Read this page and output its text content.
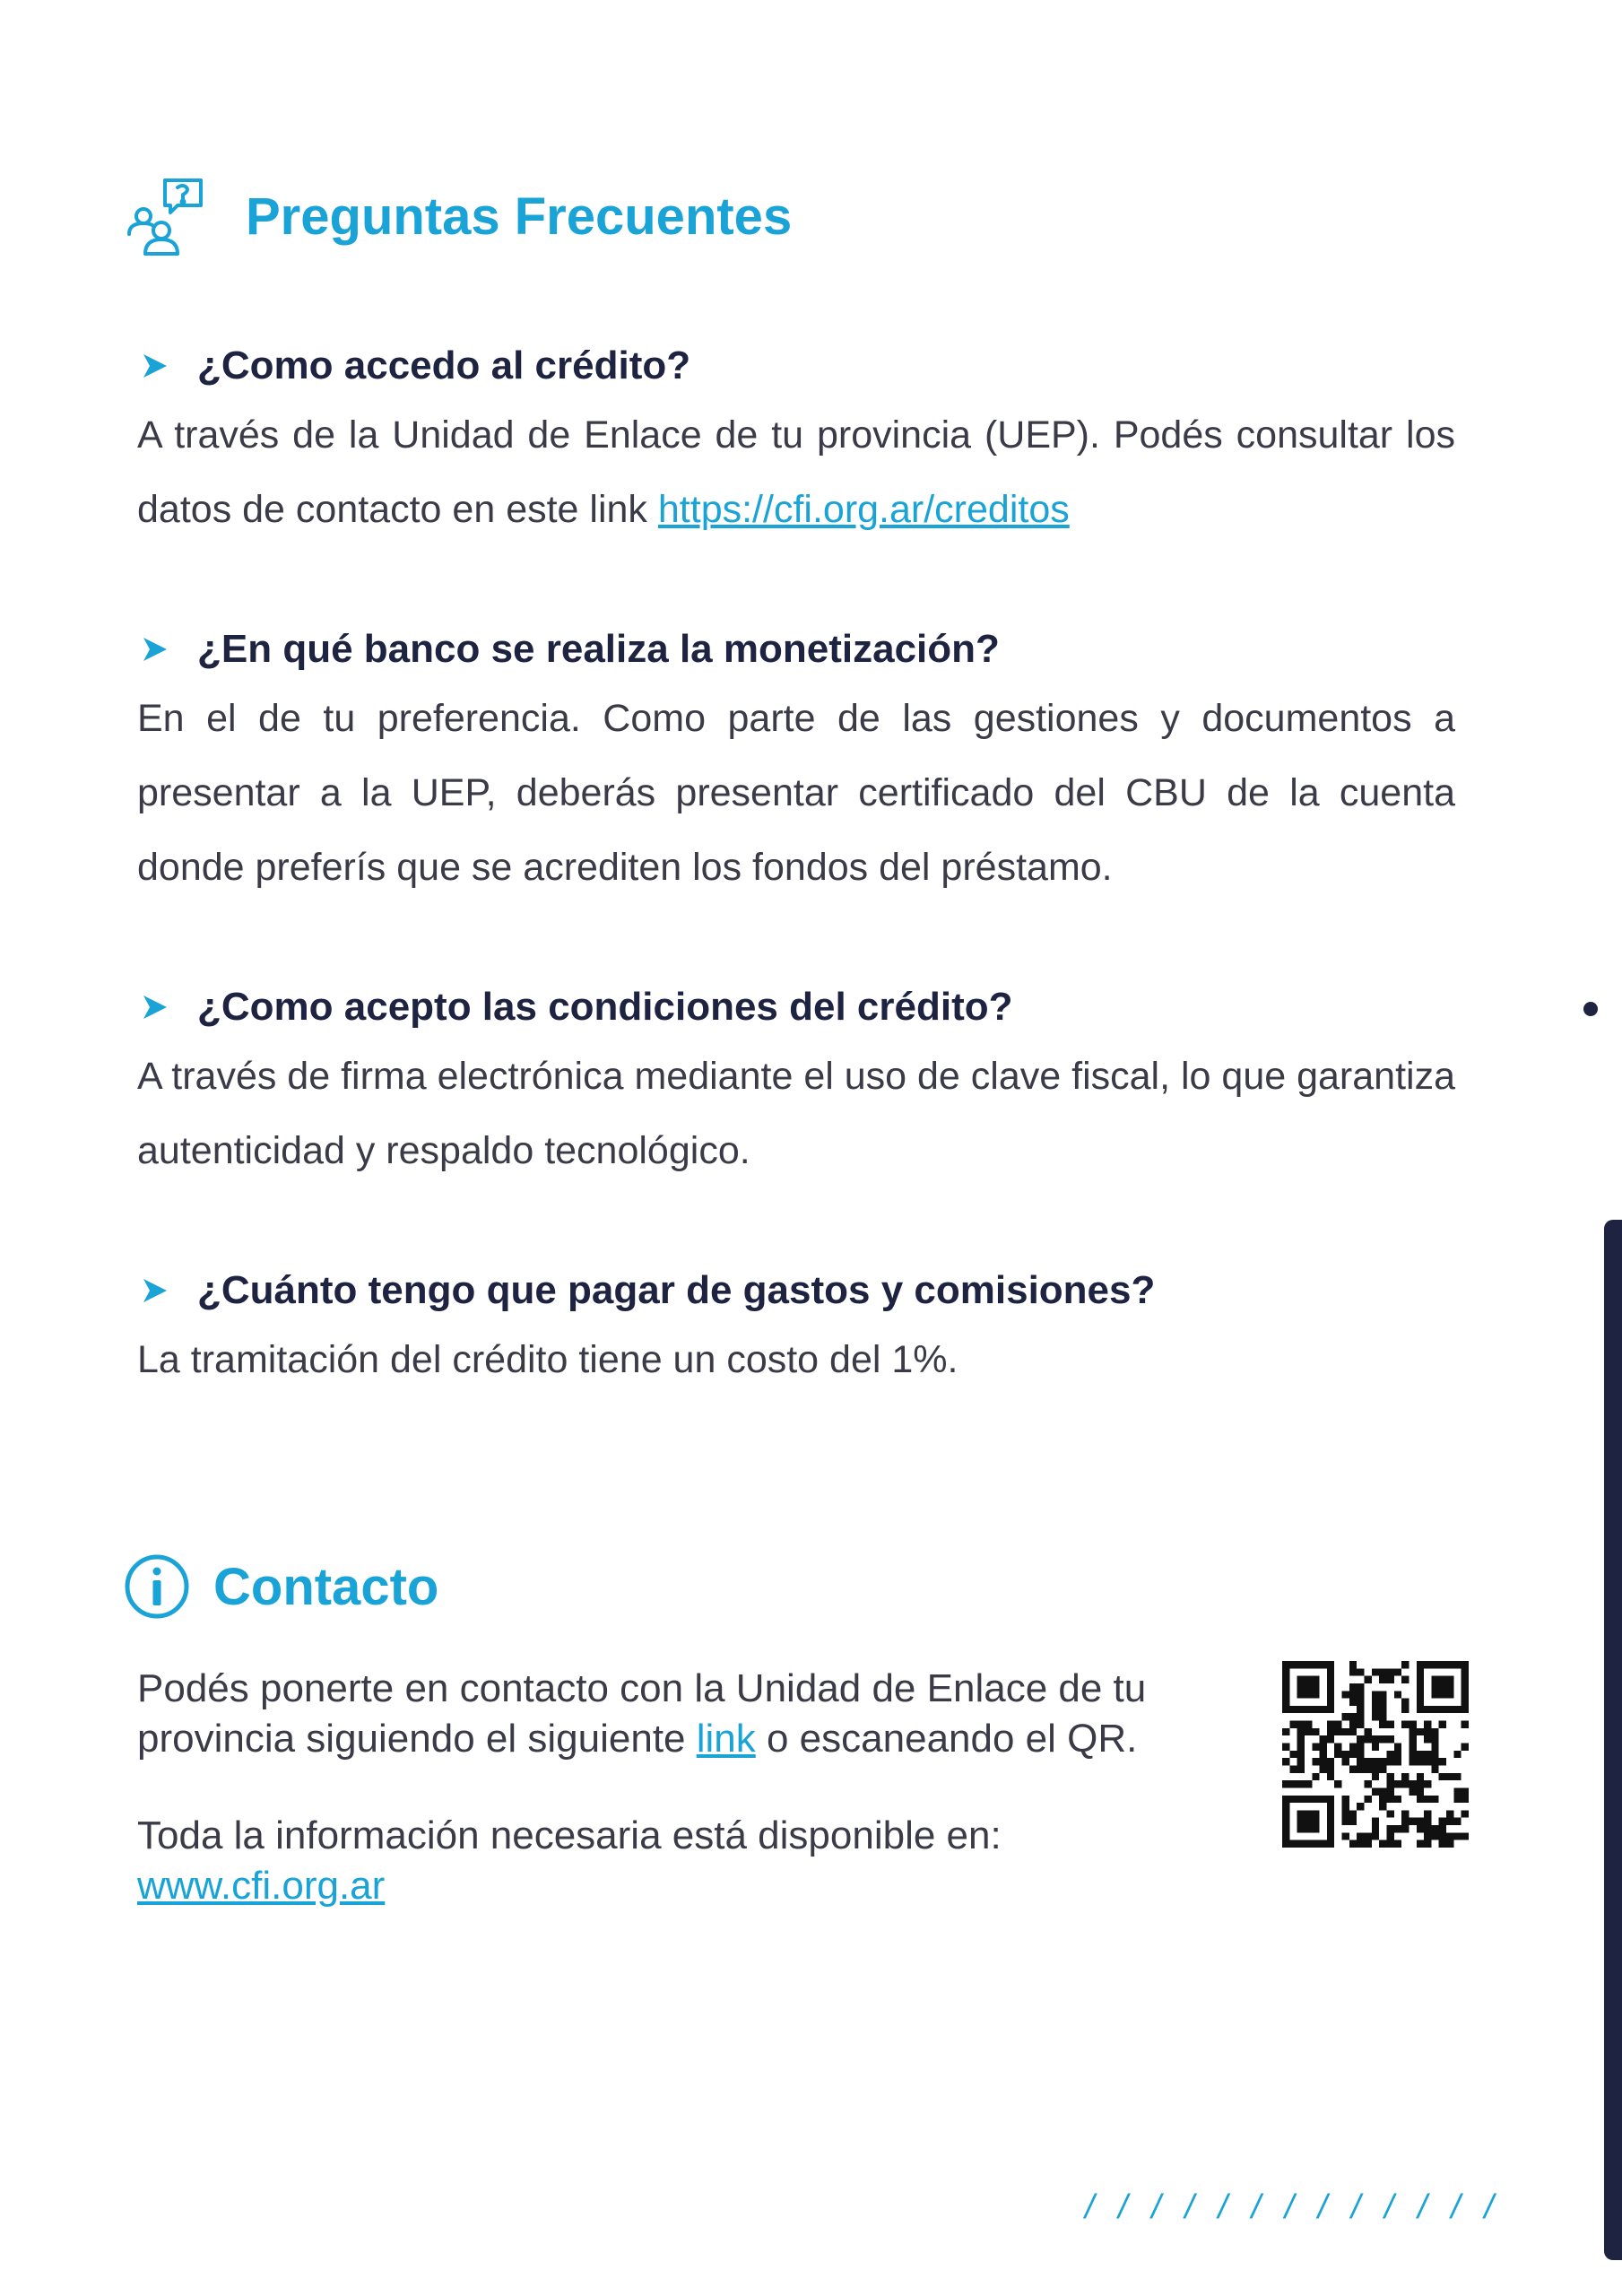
Preguntas Frecuentes
¿Como accedo al crédito?

A través de la Unidad de Enlace de tu provincia (UEP). Podés consultar los datos de contacto en este link https://cfi.org.ar/creditos

¿En qué banco se realiza la monetización?

En el de tu preferencia. Como parte de las gestiones y documentos a presentar a la UEP, deberás presentar certificado del CBU de la cuenta donde preferís que se acrediten los fondos del préstamo.

¿Como acepto las condiciones del crédito?

A través de firma electrónica mediante el uso de clave fiscal, lo que garantiza autenticidad y respaldo tecnológico.

¿Cuánto tengo que pagar de gastos y comisiones?

La tramitación del crédito tiene un costo del 1%.

Contacto

Podés ponerte en contacto con la Unidad de Enlace de tu provincia siguiendo el siguiente link o escaneando el QR.

Toda la información necesaria está disponible en:

www.cfi.org.ar

/ / / / / / / / / / / / /
